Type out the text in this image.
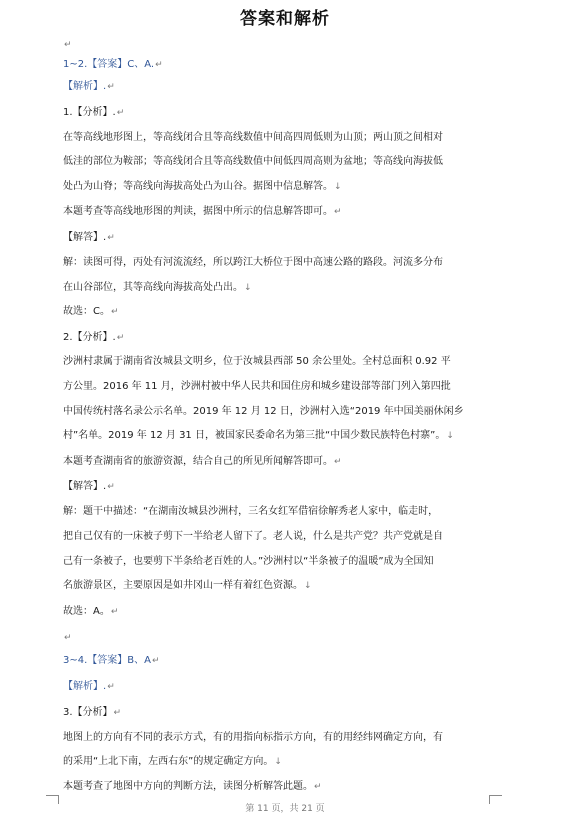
答案和解析
↵
1~2.【答案】C、A.↵
【解析】.↵
1.【分析】.↵
在等高线地形图上，等高线闭合且等高线数值中间高四周低则为山顶；两山顶之间相对
低洼的部位为鞍部；等高线闭合且等高线数值中间低四周高则为盆地；等高线向海拔低
处凸为山脊；等高线向海拔高处凸为山谷。据图中信息解答。↓
本题考查等高线地形图的判读，据图中所示的信息解答即可。↵
【解答】.↵
解：读图可得，丙处有河流流经，所以跨江大桥位于图中高速公路的路段。河流多分布
在山谷部位，其等高线向海拔高处凸出。↓
故选：C。↵
2.【分析】.↵
沙洲村隶属于湖南省汝城县文明乡，位于汝城县西部 50 余公里处。全村总面积 0.92 平
方公里。2016 年 11 月，沙洲村被中华人民共和国住房和城乡建设部等部门列入第四批
中国传统村落名录公示名单。2019 年 12 月 12 日，沙洲村入选“2019 年中国美丽休闲乡
村”名单。2019 年 12 月 31 日，被国家民委命名为第三批“中国少数民族特色村寨”。↓
本题考查湖南省的旅游资源，结合自己的所见所闻解答即可。↵
【解答】.↵
解：题干中描述：“在湖南汝城县沙洲村，三名女红军借宿徐解秀老人家中，临走时，
把自己仅有的一床被子剪下一半给老人留下了。老人说，什么是共产党？共产党就是自
己有一条被子，也要剪下半条给老百姓的人。”沙洲村以“半条被子的温暖”成为全国知
名旅游景区，主要原因是如井冈山一样有着红色资源。↓
故选：A。↵
↵
3~4.【答案】B、A↵
【解析】.↵
3.【分析】↵
地图上的方向有不同的表示方式，有的用指向标指示方向，有的用经纬网确定方向，有
的采用“上北下南，左西右东”的规定确定方向。↓
本题考查了地图中方向的判断方法，读图分析解答此题。↵
第 11 页，共 21 页
